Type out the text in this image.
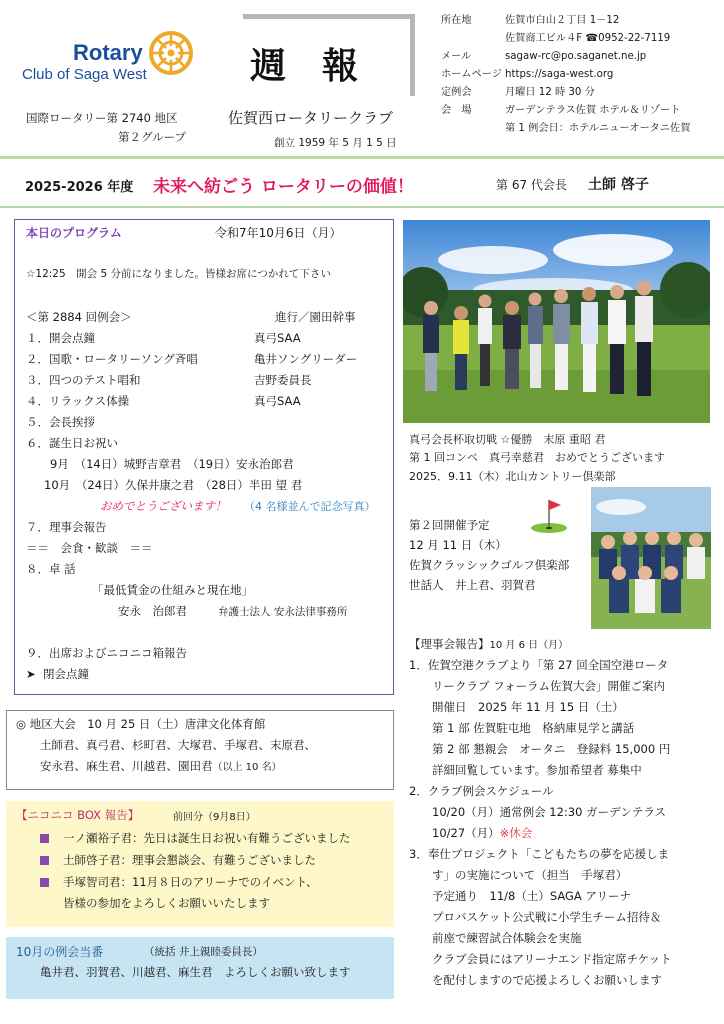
Rotary
Club of Saga West	週報
国際ロータリー第 2740 地区
第２グループ
佐賀西ロータリークラブ
創立 1959 年 5 月 1 5 日
所在地	佐賀市白山２丁目 1－12
佐賀商工ビル４F ☎0952-22-7119
メール	sagaw-rc@po.saganet.ne.jp
ホームページ https://saga-west.org
定例会	月曜日 12 時 30 分
会　場	ガーデンテラス佐賀 ホテル＆リゾート
第 1 例会日：ホテルニューオータニ佐賀
2025-2026 年度 未来へ紡ごう ロータリーの価値！	第 67 代会長 土師 啓子
本日のプログラム	令和7年10月6日（月）
☆12:25　開会 5 分前になりました。皆様お席につかれて下さい
＜第 2884 回例会＞	進行／園田幹事
１．開会点鐘	真弓SAA
２．国歌・ロータリーソング斉唱	亀井ソングリーダー
３．四つのテスト唱和	吉野委員長
４．リラックス体操	真弓SAA
５．会長挨拶
６．誕生日お祝い
9月　（14日）城野吉章君　（19日）安永治郎君
10月　（24日）久保井康之君　（28日）半田 望 君
おめでとうございます！ （4 名様並んで記念写真）
７．理事会報告
＝＝　会食・歓談　＝＝
８．卓 話
「最低賃金の仕組みと現在地」
安永　治郎君	弁護士法人 安永法律事務所
９．出席およびニコニコ箱報告
➤ 閉会点鐘
◎ 地区大会　10 月 25 日（土）唐津文化体育館
土師君、真弓君、杉町君、大塚君、手塚君、末原君、
安永君、麻生君、川越君、園田君（以上 10 名）
【ニコニコ BOX 報告】	前回分（9月8日）
一ノ瀬裕子君：先日は誕生日お祝い有難うございました
土師啓子君：理事会懇談会、有難うございました
手塚智司君：11月８日のアリーナでのイベント、
皆様の参加をよろしくお願いいたします
10月の例会当番	（統括 井上親睦委員長）
亀井君、羽賀君、川越君、麻生君　よろしくお願い致します
真弓会長杯取切戦 ☆優勝　末原 重昭 君
第 1 回コンペ　真弓幸慈君　おめでとうございます
2025．9.11（木）北山カントリー倶楽部
第２回開催予定
12 月 11 日（木）
佐賀クラッシックゴルフ倶楽部
世話人　井上君、羽賀君
【理事会報告】10 月 6 日（月）
1．佐賀空港クラブより「第 27 回全国空港ロータ
リークラブ フォーラム佐賀大会」開催ご案内
開催日　2025 年 11 月 15 日（土）
第 1 部 佐賀駐屯地　格納庫見学と講話
第 2 部 懇親会　オータニ　登録料 15,000 円
詳細回覧しています。参加希望者 募集中
2．クラブ例会スケジュール
10/20（月）通常例会 12:30 ガーデンテラス
10/27（月）※休会
3．奉仕プロジェクト「こどもたちの夢を応援しま
す」の実施について（担当　手塚君）
予定通り　11/8（土）SAGA アリーナ
プロバスケット公式戦に小学生チーム招待＆
前座で練習試合体験会を実施
クラブ会員にはアリーナエンド指定席チケット
を配付しますので応援よろしくお願いします
